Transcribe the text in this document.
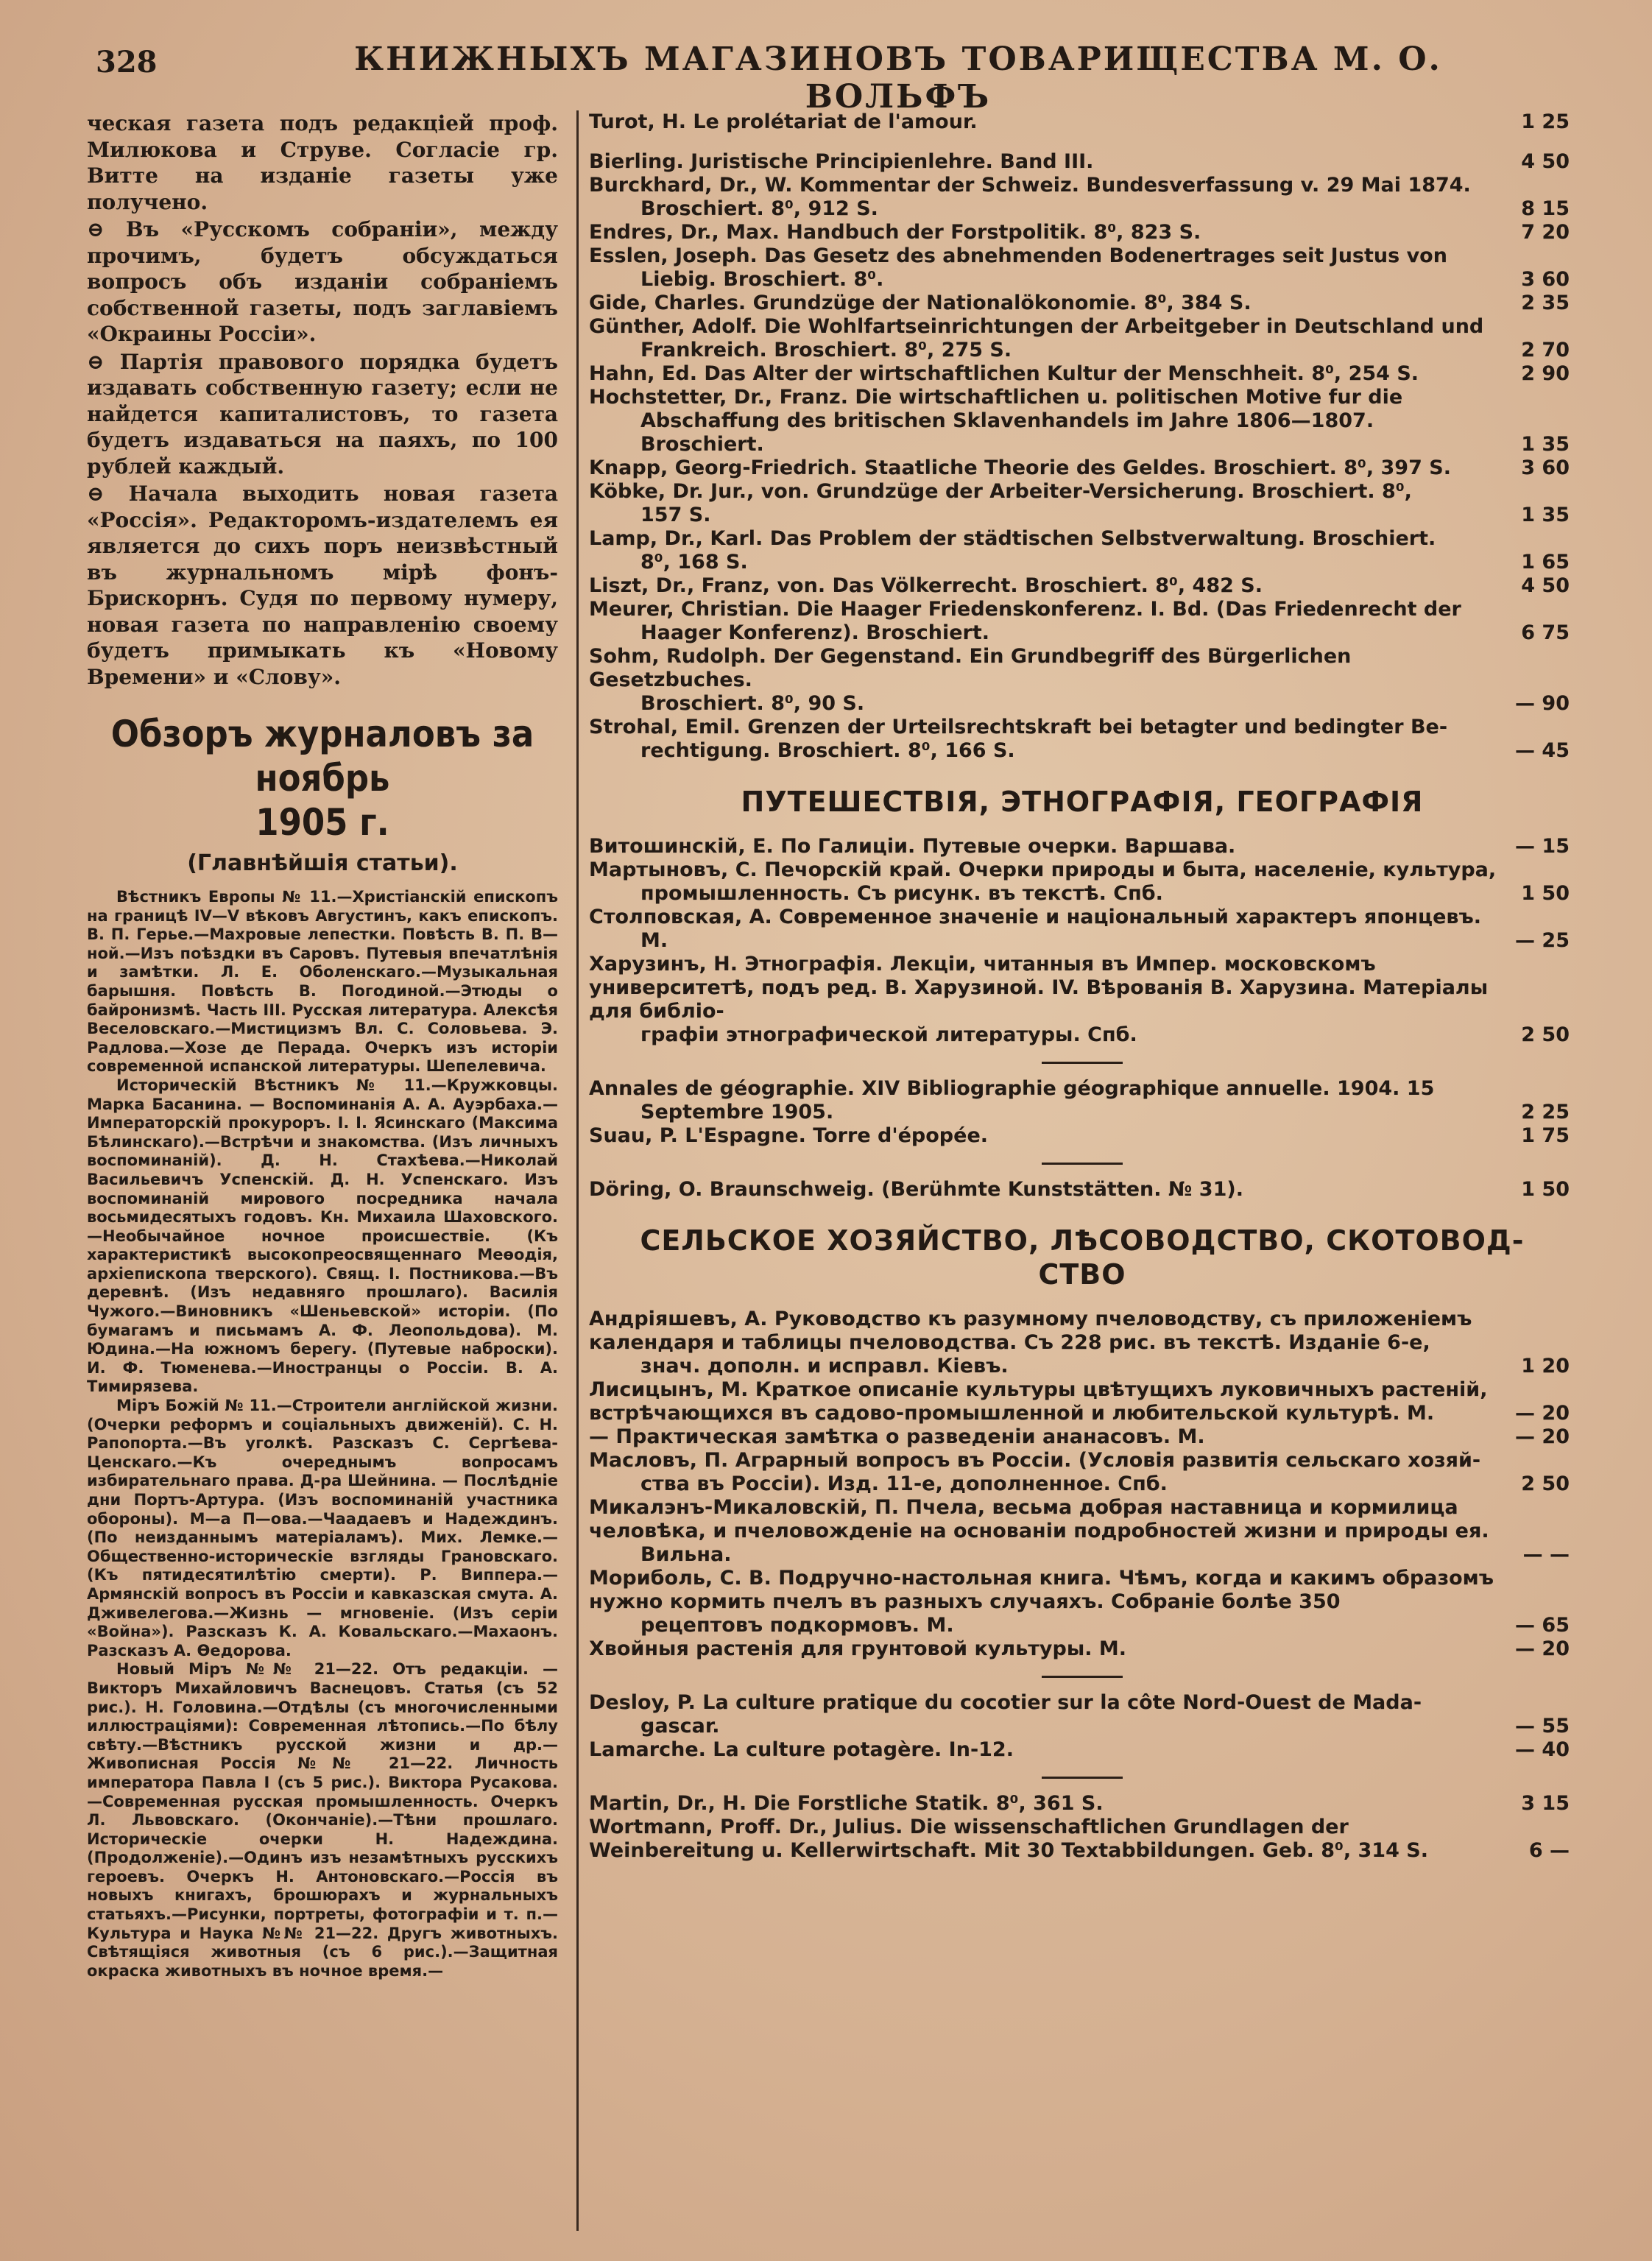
328	КНИЖНЫХЪ МАГАЗИНОВЪ ТОВАРИЩЕСТВА М. О. ВОЛЬФЪ

ческая газета подъ редакціей проф. Милюкова и Струве. Согласіе гр. Витте на изданіе газеты уже получено.

⊖ Въ «Русскомъ собраніи», между прочимъ, будетъ обсуждаться вопросъ объ изданіи собраніемъ собственной газеты, подъ заглавіемъ «Окраины Россіи».

⊖ Партія правового порядка будетъ издавать собственную газету; если не найдется капиталистовъ, то газета будетъ издаваться на паяхъ, по 100 рублей каждый.

⊖ Начала выходить новая газета «Россія». Редакторомъ-издателемъ ея является до сихъ поръ неизвѣстный въ журнальномъ мірѣ фонъ-Брискорнъ. Судя по первому нумеру, новая газета по направленію своему будетъ примыкать къ «Новому Времени» и «Слову».

Обзоръ журналовъ за ноябрь
1905 г.
(Главнѣйшія статьи).

Вѣстникъ Европы № 11.—Христіанскій епископъ на границѣ IV—V вѣковъ Августинъ, какъ епископъ. В. П. Герье.—Махровые лепестки. Повѣсть В. П. В—ной.—Изъ поѣздки въ Саровъ. Путевыя впечатлѣнія и замѣтки. Л. Е. Оболенскаго.—Музыкальная барышня. Повѣсть В. Погодиной.—Этюды о байронизмѣ. Часть III. Русская литература. Алексѣя Веселовскаго.—Мистицизмъ Вл. С. Соловьева. Э. Радлова.—Хозе де Перада. Очеркъ изъ исторіи современной испанской литературы. Шепелевича.

Историческій Вѣстникъ № 11.—Кружковцы. Марка Басанина. — Воспоминанія А. А. Ауэрбаха.—Императорскій прокуроръ. І. І. Ясинскаго (Максима Бѣлинскаго).—Встрѣчи и знакомства. (Изъ личныхъ воспоминаній). Д. Н. Стахѣева.—Николай Васильевичъ Успенскій. Д. Н. Успенскаго. Изъ воспоминаній мирового посредника начала восьмидесятыхъ годовъ. Кн. Михаила Шаховского.—Необычайное ночное происшествіе. (Къ характеристикѣ высокопреосвященнаго Меѳодія, архіепископа тверского). Свящ. І. Постникова.—Въ деревнѣ. (Изъ недавняго прошлаго). Василія Чужого.—Виновникъ «Шеньевской» исторіи. (По бумагамъ и письмамъ А. Ф. Леопольдова). М. Юдина.—На южномъ берегу. (Путевые наброски). И. Ф. Тюменева.—Иностранцы о Россіи. В. А. Тимирязева.

Міръ Божій № 11.—Строители англійской жизни. (Очерки реформъ и соціальныхъ движеній). С. Н. Рапопорта.—Въ уголкѣ. Разсказъ С. Сергѣева-Ценскаго.—Къ очереднымъ вопросамъ избирательнаго права. Д-ра Шейнина. — Послѣдніе дни Портъ-Артура. (Изъ воспоминаній участника обороны). М—а П—ова.—Чаадаевъ и Надеждинъ. (По неизданнымъ матеріаламъ). Мих. Лемке.—Общественно-историческіе взгляды Грановскаго. (Къ пятидесятилѣтію смерти). Р. Виппера.—Армянскій вопросъ въ Россіи и кавказская смута. А. Дживелегова.—Жизнь — мгновеніе. (Изъ серіи «Война»). Разсказъ К. А. Ковальскаго.—Махаонъ. Разсказъ А. Ѳедорова.

Новый Міръ №№ 21—22. Отъ редакціи. —Викторъ Михайловичъ Васнецовъ. Статья (съ 52 рис.). Н. Головина.—Отдѣлы (съ многочисленными иллюстраціями): Современная лѣтопись.—По бѣлу свѣту.—Вѣстникъ русской жизни и др.—Живописная Россія №№ 21—22. Личность императора Павла I (съ 5 рис.). Виктора Русакова.—Современная русская промышленность. Очеркъ Л. Львовскаго. (Окончаніе).—Тѣни прошлаго. Историческіе очерки Н. Надеждина. (Продолженіе).—Одинъ изъ незамѣтныхъ русскихъ героевъ. Очеркъ Н. Антоновскаго.—Россія въ новыхъ книгахъ, брошюрахъ и журнальныхъ статьяхъ.—Рисунки, портреты, фотографіи и т. п.—Культура и Наука №№ 21—22. Другъ животныхъ. Свѣтящіяся животныя (съ 6 рис.).—Защитная окраска животныхъ въ ночное время.—

Turot, H. Le prolétariat de l'amour.	1 25
Bierling. Juristische Principienlehre. Band III.	4 50
Burckhard, Dr., W. Kommentar der Schweiz. Bundesverfassung v. 29 Mai 1874.
Broschiert. 8⁰, 912 S.	8 15
Endres, Dr., Max. Handbuch der Forstpolitik. 8⁰, 823 S.	7 20
Esslen, Joseph. Das Gesetz des abnehmenden Bodenertrages seit Justus von
Liebig. Broschiert. 8⁰.	3 60
Gide, Charles. Grundzüge der Nationalökonomie. 8⁰, 384 S.	2 35
Günther, Adolf. Die Wohlfartseinrichtungen der Arbeitgeber in Deutschland und
Frankreich. Broschiert. 8⁰, 275 S.	2 70
Hahn, Ed. Das Alter der wirtschaftlichen Kultur der Menschheit. 8⁰, 254 S.	2 90
Hochstetter, Dr., Franz. Die wirtschaftlichen u. politischen Motive fur die
Abschaffung des britischen Sklavenhandels im Jahre 1806—1807. Broschiert.	1 35
Knapp, Georg-Friedrich. Staatliche Theorie des Geldes. Broschiert. 8⁰, 397 S.	3 60
Köbke, Dr. Jur., von. Grundzüge der Arbeiter-Versicherung. Broschiert. 8⁰,
157 S.	1 35
Lamp, Dr., Karl. Das Problem der städtischen Selbstverwaltung. Broschiert.
8⁰, 168 S.	1 65
Liszt, Dr., Franz, von. Das Völkerrecht. Broschiert. 8⁰, 482 S.	4 50
Meurer, Christian. Die Haager Friedenskonferenz. I. Bd. (Das Friedenrecht der
Haager Konferenz). Broschiert.	6 75
Sohm, Rudolph. Der Gegenstand. Ein Grundbegriff des Bürgerlichen Gesetzbuches.
Broschiert. 8⁰, 90 S.	— 90
Strohal, Emil. Grenzen der Urteilsrechtskraft bei betagter und bedingter Be-
rechtigung. Broschiert. 8⁰, 166 S.	— 45
ПУТЕШЕСТВІЯ, ЭТНОГРАФІЯ, ГЕОГРАФІЯ
Витошинскій, Е. По Галиціи. Путевые очерки. Варшава.	— 15
Мартыновъ, С. Печорскій край. Очерки природы и быта, населеніе, культура,
промышленность. Съ рисунк. въ текстѣ. Спб.	1 50
Столповская, А. Современное значеніе и національный характеръ японцевъ.
М.	— 25
Харузинъ, Н. Этнографія. Лекціи, читанныя въ Импер. московскомъ университетѣ, подъ ред. В. Харузиной. IV. Вѣрованія В. Харузина. Матеріалы для библіо-
графіи этнографической литературы. Спб.	2 50
Annales de géographie. XIV Bibliographie géographique annuelle. 1904. 15
Septembre 1905.	2 25
Suau, P. L'Espagne. Torre d'épopée.	1 75
Döring, O. Braunschweig. (Berühmte Kunststätten. № 31).	1 50
СЕЛЬСКОЕ ХОЗЯЙСТВО, ЛѢСОВОДСТВО, СКОТОВОД-
СТВО
Андріяшевъ, А. Руководство къ разумному пчеловодству, съ приложеніемъ календаря и таблицы пчеловодства. Съ 228 рис. въ текстѣ. Изданіе 6-е,
знач. дополн. и исправл. Кіевъ.	1 20
Лисицынъ, М. Краткое описаніе культуры цвѣтущихъ луковичныхъ растеній, встрѣчающихся въ садово-промышленной и любительской культурѣ. М.	— 20
— Практическая замѣтка о разведеніи ананасовъ. М.	— 20
Масловъ, П. Аграрный вопросъ въ Россіи. (Условія развитія сельскаго хозяй-
ства въ Россіи). Изд. 11-е, дополненное. Спб.	2 50
Микалэнъ-Микаловскій, П. Пчела, весьма добрая наставница и кормилица человѣка, и пчеловожденіе на основаніи подробностей жизни и природы ея.
Вильна.	— —
Мориболь, С. В. Подручно-настольная книга. Чѣмъ, когда и какимъ образомъ нужно кормить пчелъ въ разныхъ случаяхъ. Собраніе болѣе 350
рецептовъ подкормовъ. М.	— 65
Хвойныя растенія для грунтовой культуры. М.	— 20
Desloy, P. La culture pratique du cocotier sur la côte Nord-Ouest de Mada-
gascar.	— 55
Lamarche. La culture potagère. In-12.	— 40
Martin, Dr., H. Die Forstliche Statik. 8⁰, 361 S.	3 15
Wortmann, Proff. Dr., Julius. Die wissenschaftlichen Grundlagen der Weinbereitung u. Kellerwirtschaft. Mit 30 Textabbildungen. Geb. 8⁰, 314 S.	6 —
